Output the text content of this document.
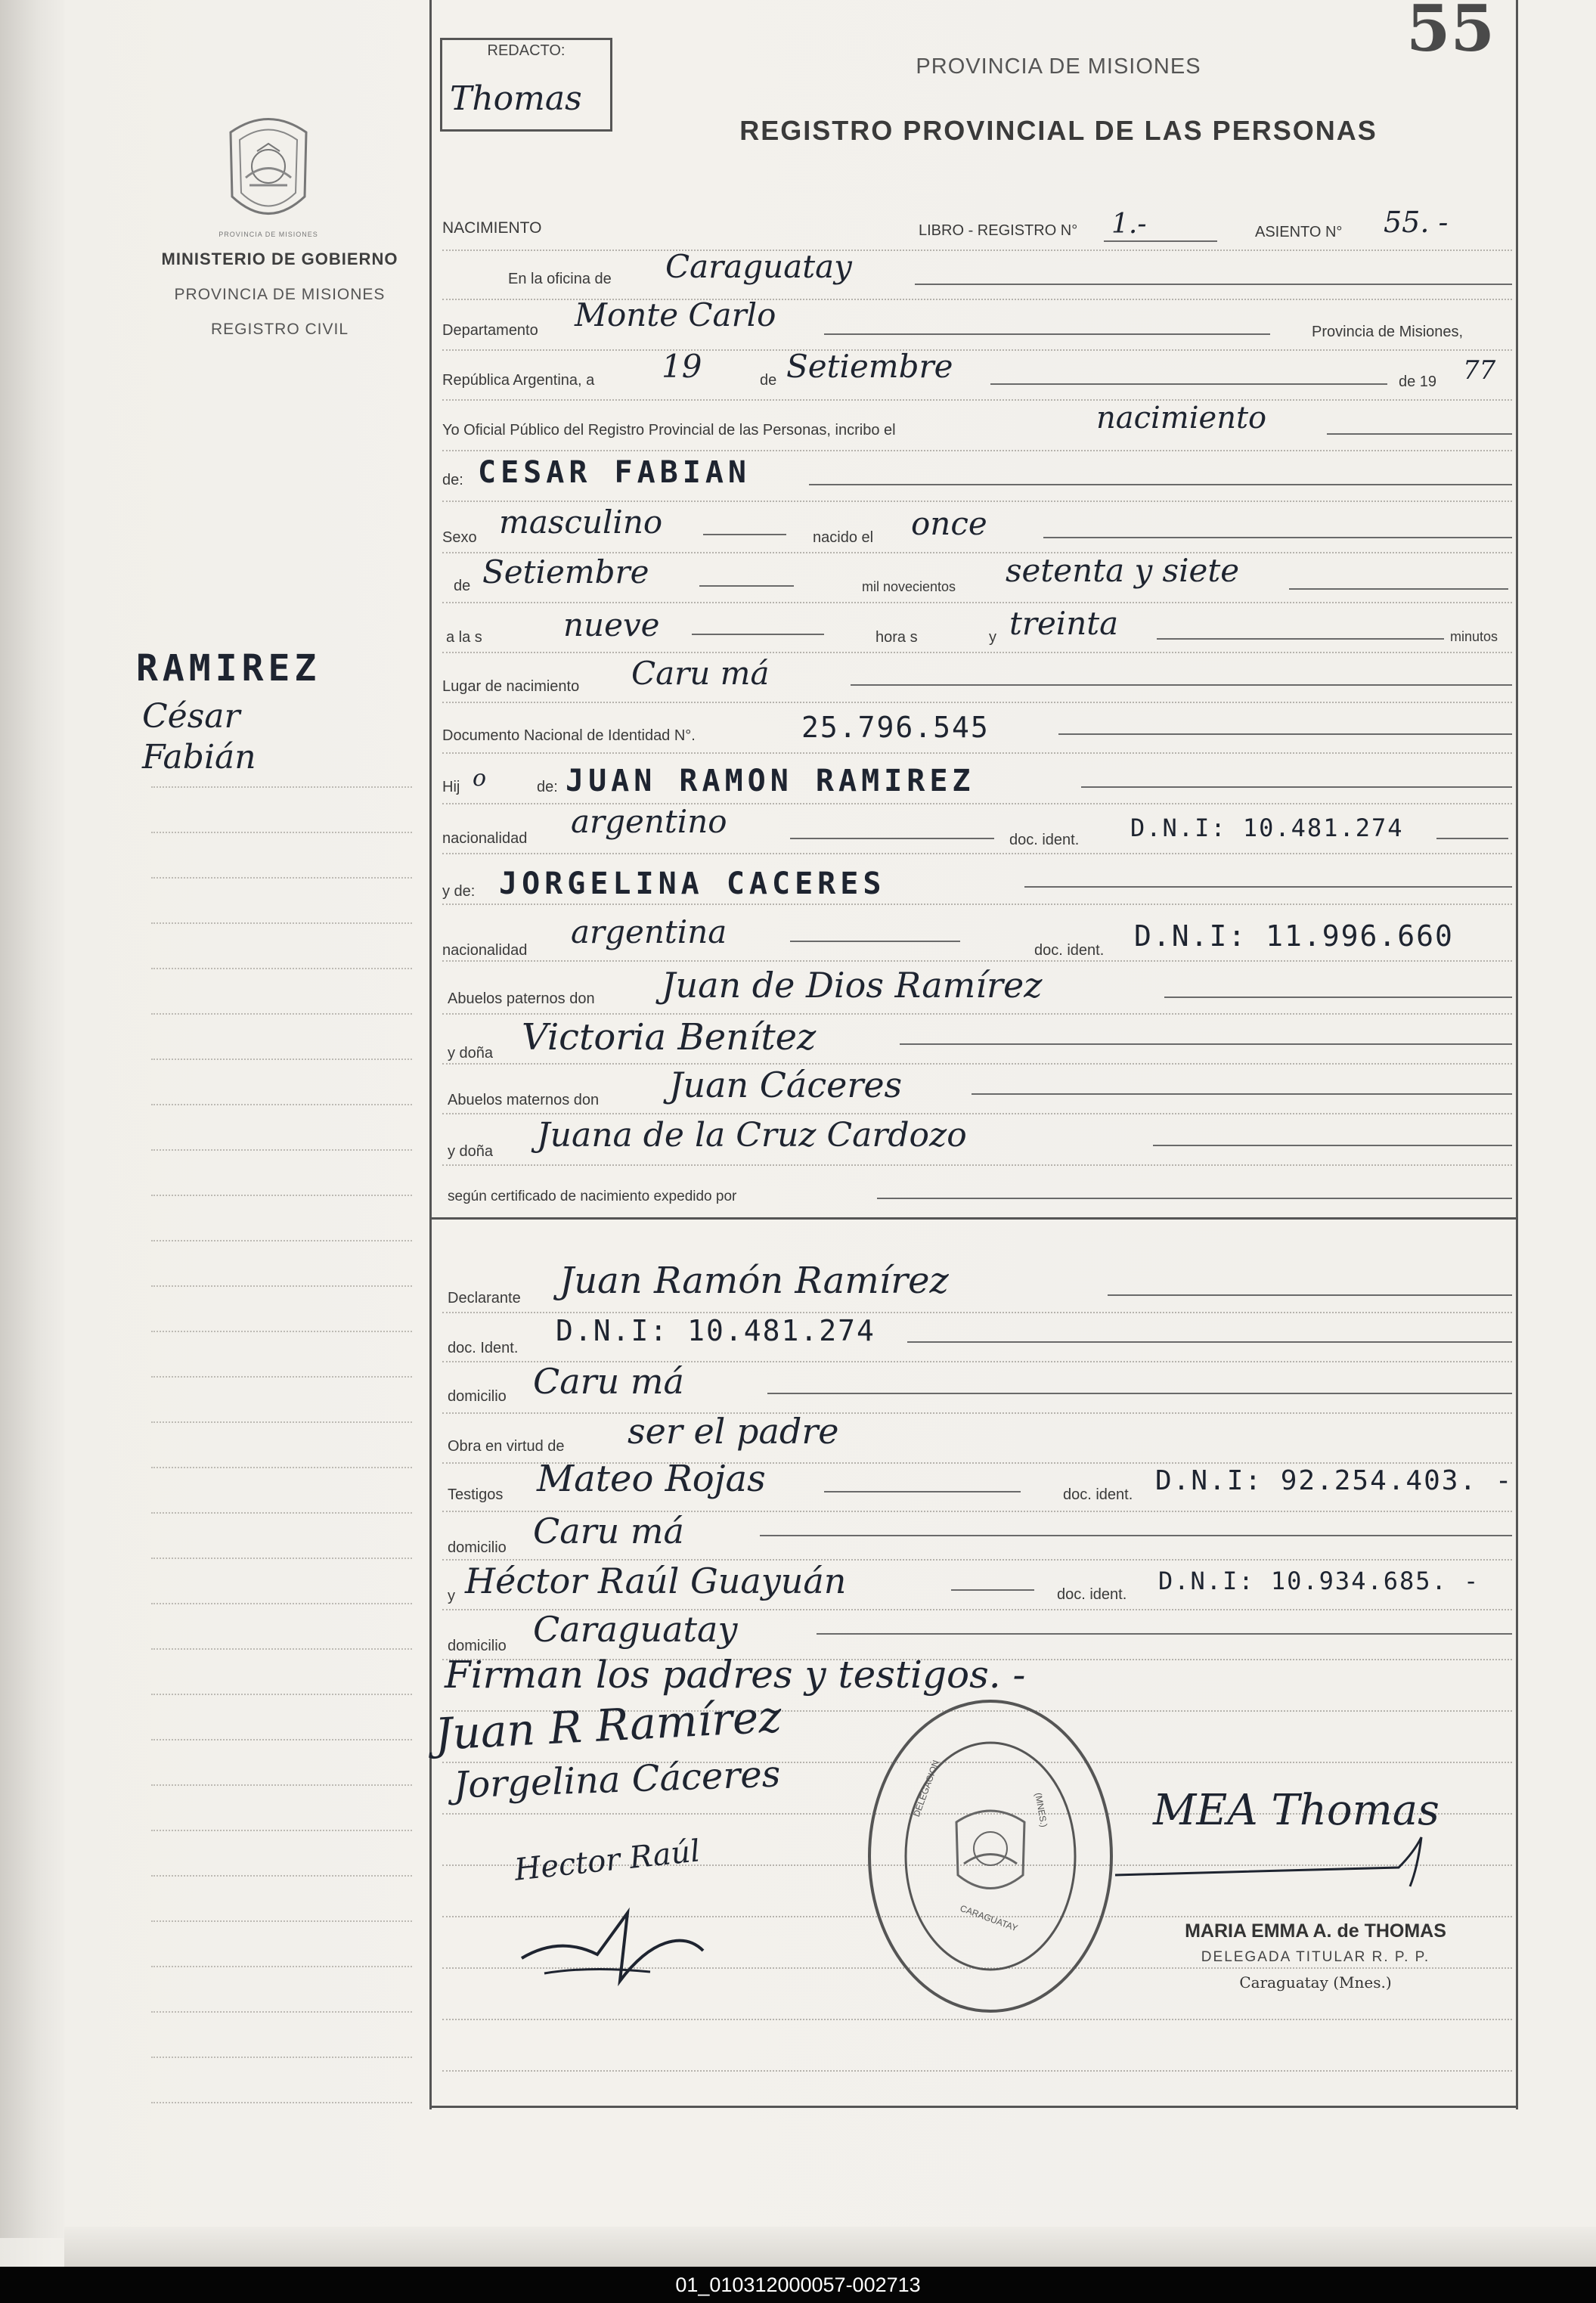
55
PROVINCIA DE MISIONES
MINISTERIO DE GOBIERNO
PROVINCIA DE MISIONES
REGISTRO CIVIL
RAMIREZ
César
Fabián
REDACTO:
Thomas
PROVINCIA DE MISIONES
REGISTRO PROVINCIAL DE LAS PERSONAS
NACIMIENTO	LIBRO - REGISTRO N° 1.-	ASIENTO N° 55. -
En la oficina de Caraguatay
Departamento Monte Carlo	Provincia de Misiones,
República Argentina, a 19	de Setiembre	de 19 77
Yo Oficial Público del Registro Provincial de las Personas, incribo el	nacimiento
de: CESAR FABIAN
Sexo masculino	nacido el once
de Setiembre	mil novecientos setenta y siete
a la s	nueve	hora s	y treinta	minutos
Lugar de nacimiento Caru má
Documento Nacional de Identidad N°.	25.796.545
Hij o	de: JUAN RAMON RAMIREZ
nacionalidad argentino	doc. ident. D.N.I: 10.481.274
y de: JORGELINA CACERES
nacionalidad argentina	doc. ident. D.N.I: 11.996.660
Abuelos paternos don Juan de Dios Ramírez
y doña Victoria Benítez
Abuelos maternos don Juan Cáceres
y doña Juana de la Cruz Cardozo
según certificado de nacimiento expedido por
Declarante Juan Ramón Ramírez
doc. Ident.
D.N.I: 10.481.274
domicilio Caru má
Obra en virtud de ser el padre
Testigos Mateo Rojas	doc. ident. D.N.I: 92.254.403. -
domicilio Caru má
y Héctor Raúl Guayuán	doc. ident. D.N.I: 10.934.685. -
domicilio Caraguatay
Firman los padres y testigos. -
Juan R Ramírez
Jorgelina Cáceres
Hector Raúl
DELEGACION
CARAGUATAY
(MNES.) MEA Thomas
MARIA EMMA A. de THOMAS
DELEGADA TITULAR R. P. P.
Caraguatay (Mnes.)
01_010312000057-002713
